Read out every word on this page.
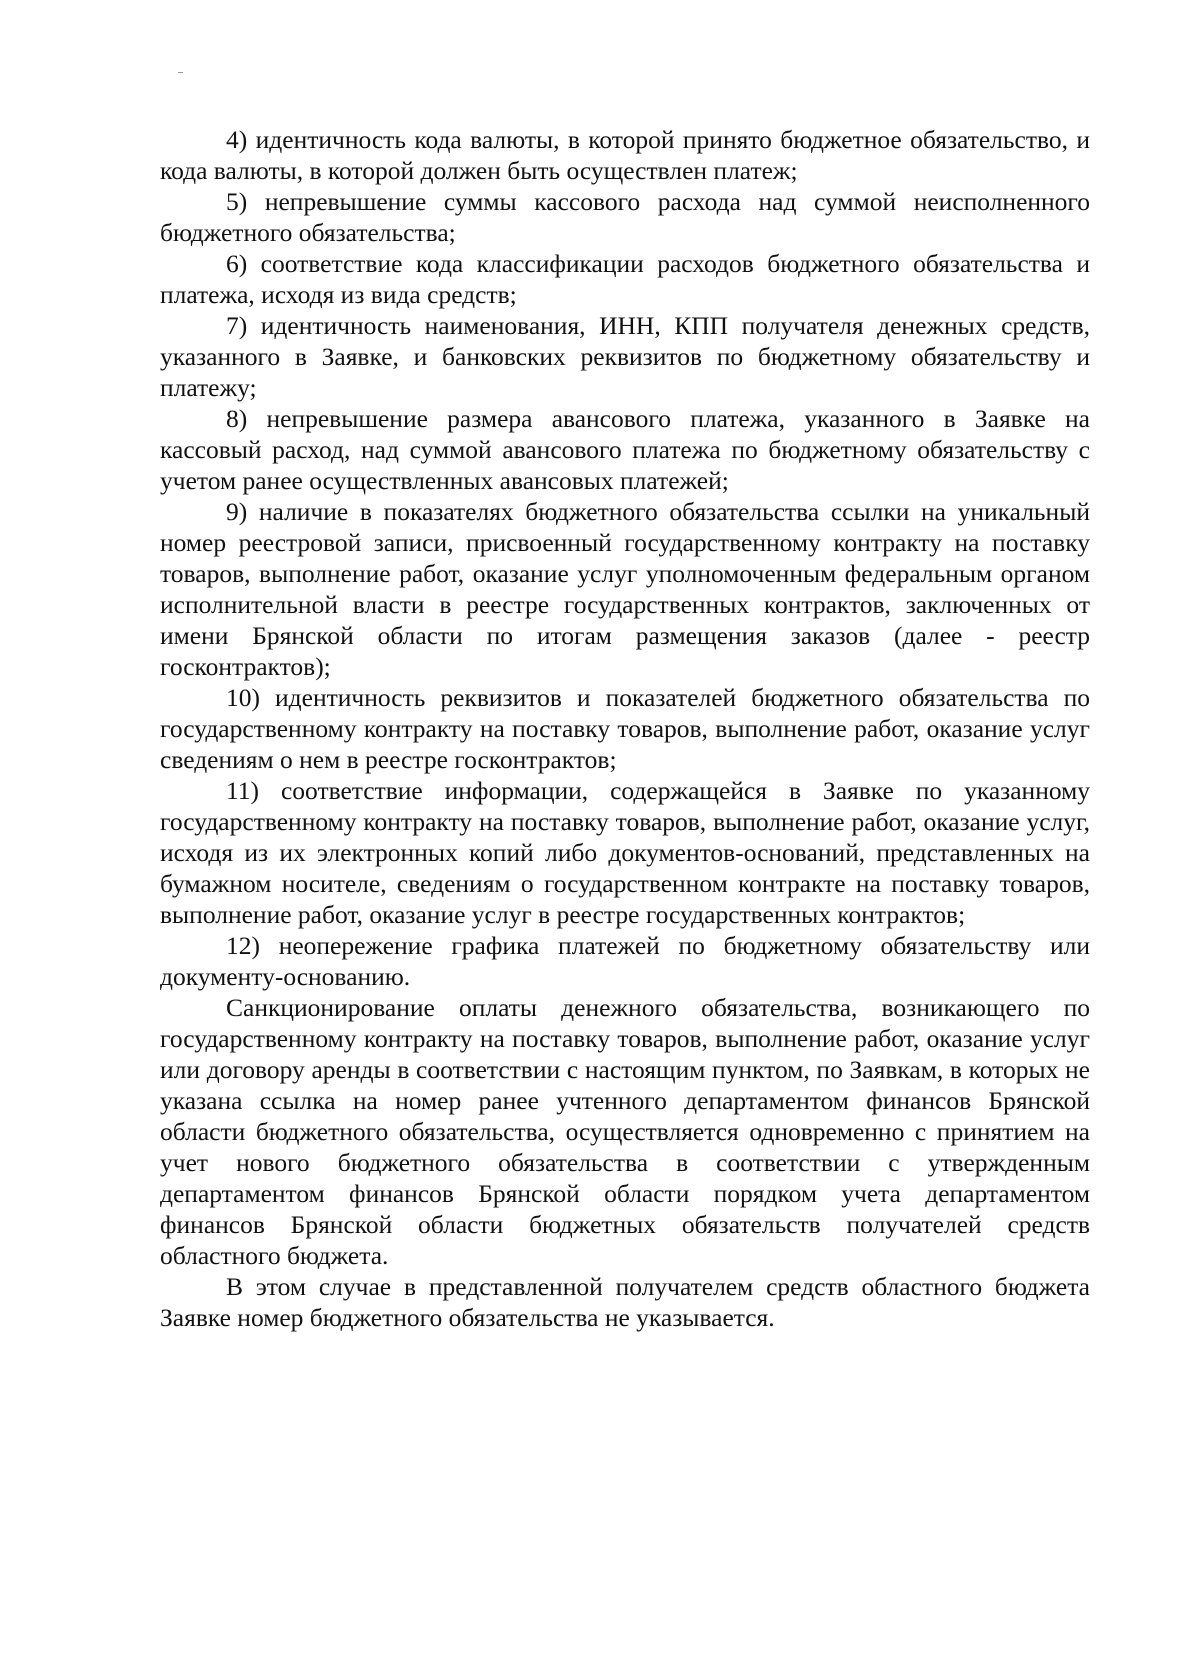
4) идентичность кода валюты, в которой принято бюджетное обязательство, и кода валюты, в которой должен быть осуществлен платеж;

5) непревышение суммы кассового расхода над суммой неисполненного бюджетного обязательства;

6) соответствие кода классификации расходов бюджетного обязательства и платежа, исходя из вида средств;

7) идентичность наименования, ИНН, КПП получателя денежных средств, указанного в Заявке, и банковских реквизитов по бюджетному обязательству и платежу;

8) непревышение размера авансового платежа, указанного в Заявке на кассовый расход, над суммой авансового платежа по бюджетному обязательству с учетом ранее осуществленных авансовых платежей;

9) наличие в показателях бюджетного обязательства ссылки на уникальный номер реестровой записи, присвоенный государственному контракту на поставку товаров, выполнение работ, оказание услуг уполномоченным федеральным органом исполнительной власти в реестре государственных контрактов, заключенных от имени Брянской области по итогам размещения заказов (далее - реестр госконтрактов);

10) идентичность реквизитов и показателей бюджетного обязательства по государственному контракту на поставку товаров, выполнение работ, оказание услуг сведениям о нем в реестре госконтрактов;

11) соответствие информации, содержащейся в Заявке по указанному государственному контракту на поставку товаров, выполнение работ, оказание услуг, исходя из их электронных копий либо документов-оснований, представленных на бумажном носителе, сведениям о государственном контракте на поставку товаров, выполнение работ, оказание услуг в реестре государственных контрактов;

12) неопережение графика платежей по бюджетному обязательству или документу-основанию.

Санкционирование оплаты денежного обязательства, возникающего по государственному контракту на поставку товаров, выполнение работ, оказание услуг или договору аренды в соответствии с настоящим пунктом, по Заявкам, в которых не указана ссылка на номер ранее учтенного департаментом финансов Брянской области бюджетного обязательства, осуществляется одновременно с принятием на учет нового бюджетного обязательства в соответствии с утвержденным департаментом финансов Брянской области порядком учета департаментом финансов Брянской области бюджетных обязательств получателей средств областного бюджета.

В этом случае в представленной получателем средств областного бюджета Заявке номер бюджетного обязательства не указывается.
